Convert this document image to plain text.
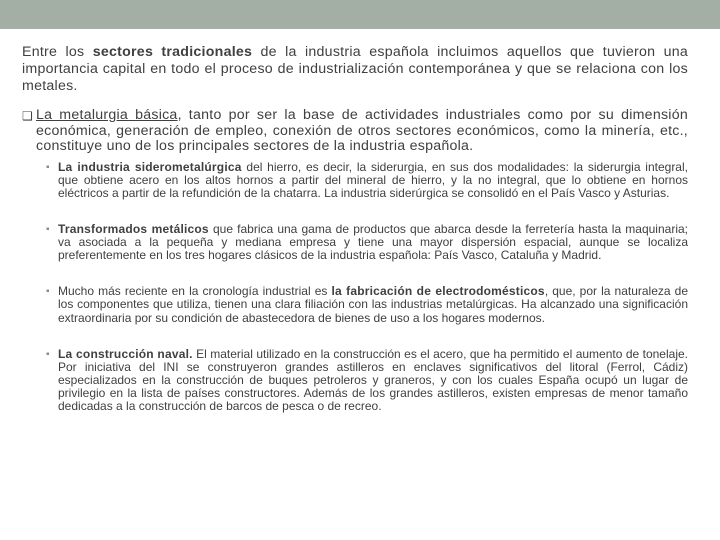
Entre los sectores tradicionales de la industria española incluimos aquellos que tuvieron una importancia capital en todo el proceso de industrialización contemporánea y que se relaciona con los metales.

❑ La metalurgia básica, tanto por ser la base de actividades industriales como por su dimensión económica, generación de empleo, conexión de otros sectores económicos, como la minería, etc., constituye uno de los principales sectores de la industria española.
▪ La industria siderometalúrgica del hierro, es decir, la siderurgia, en sus dos modalidades: la siderurgia integral, que obtiene acero en los altos hornos a partir del mineral de hierro, y la no integral, que lo obtiene en hornos eléctricos a partir de la refundición de la chatarra. La industria siderúrgica se consolidó en el País Vasco y Asturias.
▪ Transformados metálicos que fabrica una gama de productos que abarca desde la ferretería hasta la maquinaria; va asociada a la pequeña y mediana empresa y tiene una mayor dispersión espacial, aunque se localiza preferentemente en los tres hogares clásicos de la industria española: País Vasco, Cataluña y Madrid.
▪ Mucho más reciente en la cronología industrial es la fabricación de electrodomésticos, que, por la naturaleza de los componentes que utiliza, tienen una clara filiación con las industrias metalúrgicas. Ha alcanzado una significación extraordinaria por su condición de abastecedora de bienes de uso a los hogares modernos.
▪ La construcción naval. El material utilizado en la construcción es el acero, que ha permitido el aumento de tonelaje. Por iniciativa del INI se construyeron grandes astilleros en enclaves significativos del litoral (Ferrol, Cádiz) especializados en la construcción de buques petroleros y graneros, y con los cuales España ocupó un lugar de privilegio en la lista de países constructores. Además de los grandes astilleros, existen empresas de menor tamaño dedicadas a la construcción de barcos de pesca o de recreo.
